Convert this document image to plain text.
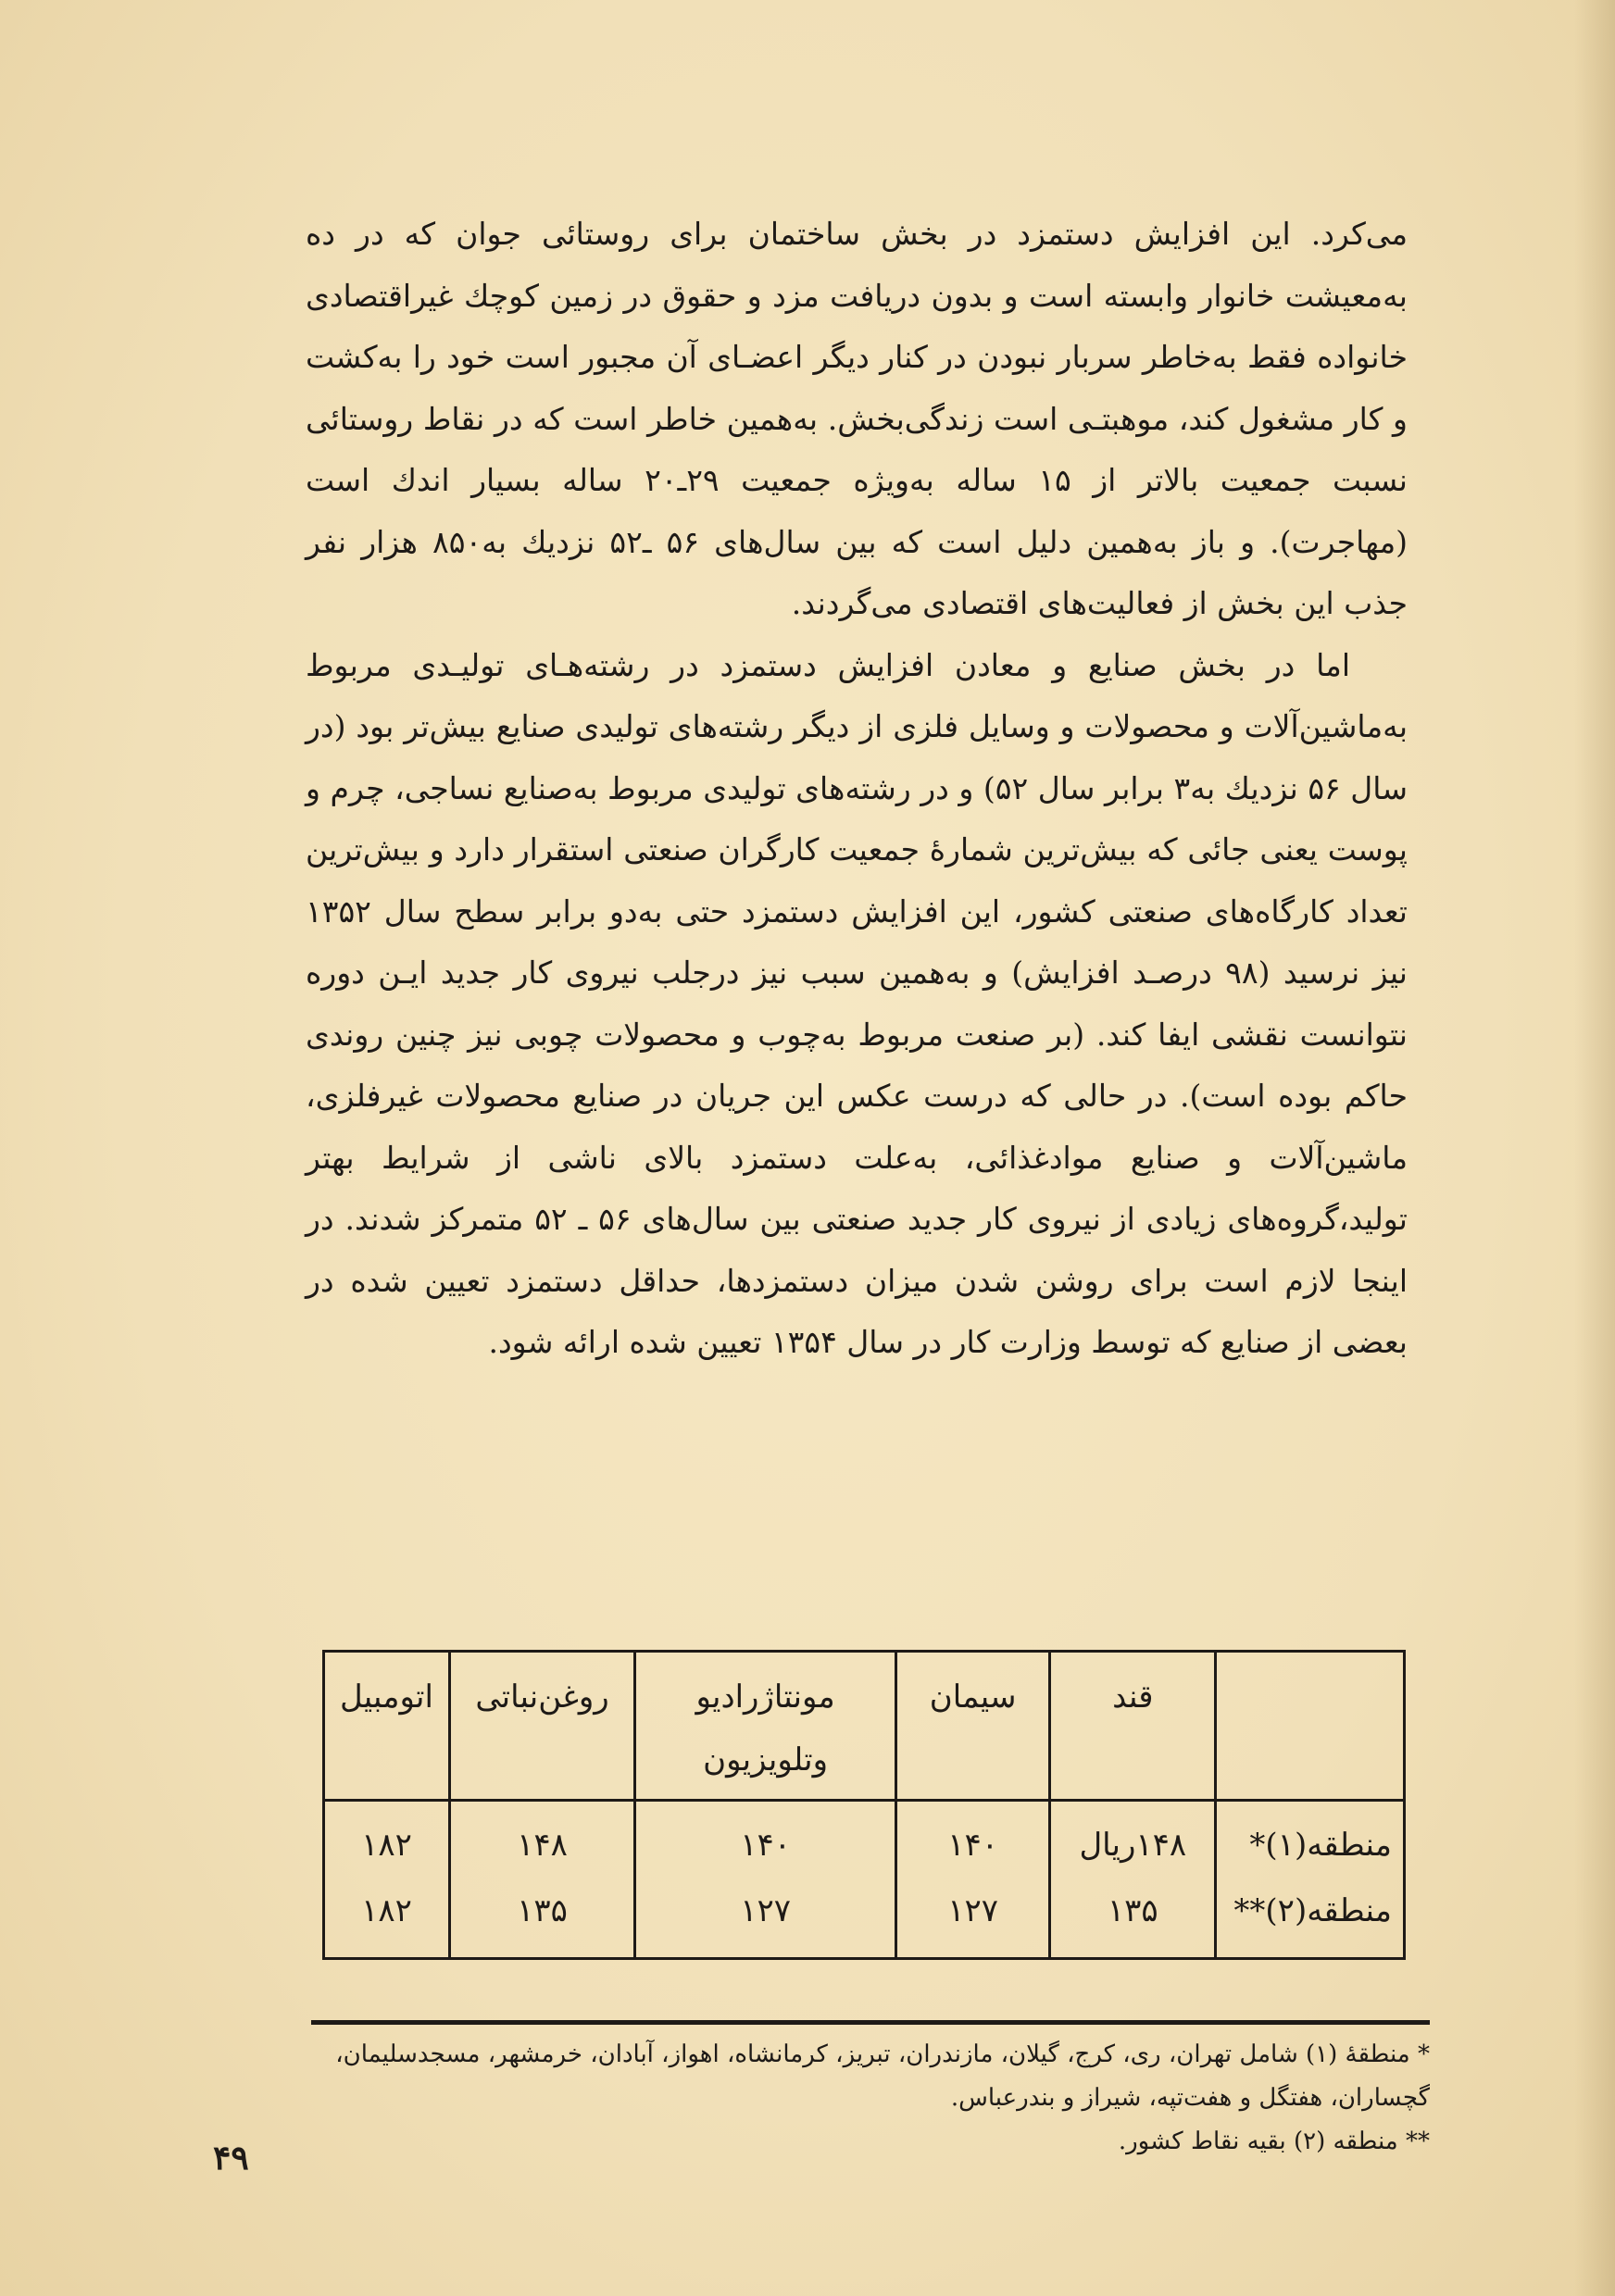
می‌کرد. این افزایش دستمزد در بخش ساختمان برای روستائی جوان که در ده به‌معیشت خانوار وابسته است و بدون دریافت مزد و حقوق در زمین کوچك غیراقتصادی خانواده فقط به‌خاطر سربار نبودن در کنار دیگر اعضـای آن مجبور است خود را به‌کشت و کار مشغول کند، موهبتـی است زندگی‌بخش. به‌همین خاطر است که در نقاط روستائی نسبت جمعیت بالاتر از ۱۵ ساله به‌ویژه جمعیت ۲۹ـ۲۰ ساله بسیار اندك است (مهاجرت). و باز به‌همین دلیل است که بین سال‌های ۵۶ ـ۵۲ نزدیك به۸۵۰ هزار نفر جذب این بخش از فعالیت‌های اقتصادی می‌گردند.

اما در بخش صنایع و معادن افزایش دستمزد در رشته‌هـای تولیـدی مربوط به‌ماشین‌آلات و محصولات و وسایل فلزی از دیگر رشته‌های تولیدی صنایع بیش‌تر بود (در سال ۵۶ نزدیك به۳ برابر سال ۵۲) و در رشته‌های تولیدی مربوط به‌صنایع نساجی، چرم و پوست یعنی جائی که بیش‌ترین شمارهٔ جمعیت کارگران صنعتی استقرار دارد و بیش‌ترین تعداد کارگاه‌های صنعتی کشور، این افزایش دستمزد حتی به‌دو برابر سطح سال ۱۳۵۲ نیز نرسید (۹۸ درصـد افزایش) و به‌همین سبب نیز درجلب نیروی کار جدید ایـن دوره نتوانست نقشی ایفا کند. (بر صنعت مربوط به‌چوب و محصولات چوبی نیز چنین روندی حاکم بوده است). در حالی که درست عکس این جریان در صنایع محصولات غیرفلزی، ماشین‌آلات و صنایع موادغذائی، به‌علت دستمزد بالای ناشی از شرایط بهتر تولید،گروه‌های زیادی از نیروی کار جدید صنعتی بین سال‌های ۵۶ ـ ۵۲ متمرکز شدند. در اینجا لازم است برای روشن شدن میزان دستمزدها، حداقل دستمزد تعیین شده در بعضی از صنایع که توسط وزارت کار در سال ۱۳۵۴ تعیین شده ارائه شود.

	قند	سیمان	مونتاژرادیو وتلویزیون	روغن‌نباتی	اتومبیل
منطقه(۱)*	۱۴۸ریال	۱۴۰	۱۴۰	۱۴۸	۱۸۲
منطقه(۲)**	۱۳۵	۱۲۷	۱۲۷	۱۳۵	۱۸۲

* منطقهٔ (۱) شامل تهران، ری، کرج، گیلان، مازندران، تبریز، کرمانشاه، اهواز، آبادان، خرمشهر، مسجدسلیمان، گچساران، هفتگل و هفت‌تپه، شیراز و بندرعباس.

** منطقه (۲) بقیه نقاط کشور.

۴۹
